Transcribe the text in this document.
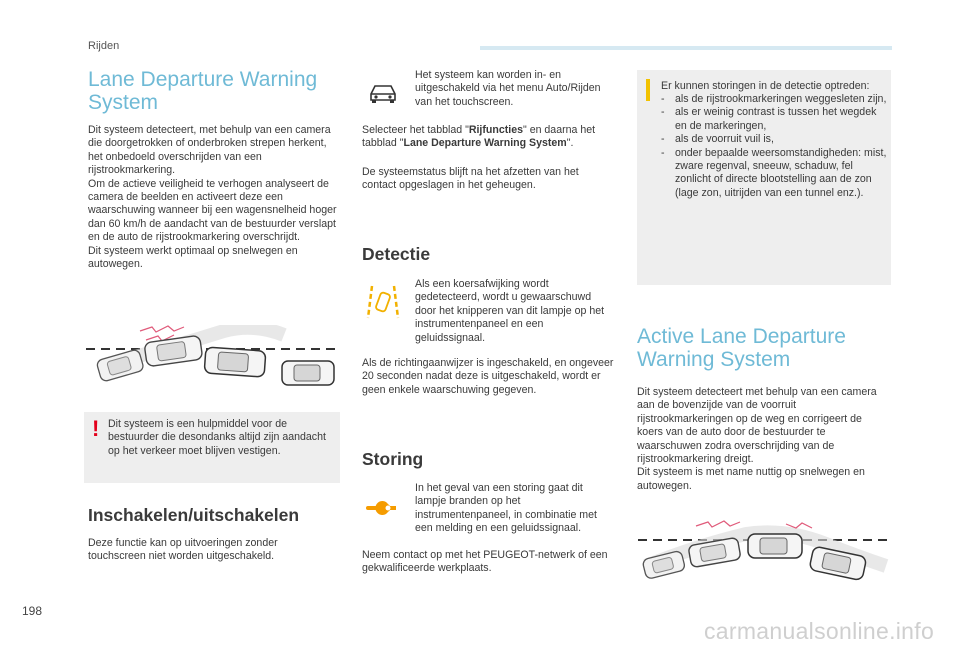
Rijden
Lane Departure Warning System
Dit systeem detecteert, met behulp van een camera die doorgetrokken of onderbroken strepen herkent, het onbedoeld overschrijden van een rijstrookmarkering.
Om de actieve veiligheid te verhogen analyseert de camera de beelden en activeert deze een waarschuwing wanneer bij een wagensnelheid hoger dan 60 km/h de aandacht van de bestuurder verslapt en de auto de rijstrookmarkering overschrijdt.
Dit systeem werkt optimaal op snelwegen en autowegen.
! Dit systeem is een hulpmiddel voor de bestuurder die desondanks altijd zijn aandacht op het verkeer moet blijven vestigen.
Inschakelen/uitschakelen
Deze functie kan op uitvoeringen zonder touchscreen niet worden uitgeschakeld.
Het systeem kan worden in- en uitgeschakeld via het menu Auto/Rijden van het touchscreen.
Selecteer het tabblad "Rijfuncties" en daarna het tabblad "Lane Departure Warning System".
De systeemstatus blijft na het afzetten van het contact opgeslagen in het geheugen.
Detectie
Als een koersafwijking wordt gedetecteerd, wordt u gewaarschuwd door het knipperen van dit lampje op het instrumentenpaneel en een geluidssignaal.
Als de richtingaanwijzer is ingeschakeld, en ongeveer 20 seconden nadat deze is uitgeschakeld, wordt er geen enkele waarschuwing gegeven.
Storing
In het geval van een storing gaat dit lampje branden op het instrumentenpaneel, in combinatie met een melding en een geluidssignaal.
Neem contact op met het PEUGEOT-netwerk of een gekwalificeerde werkplaats.
Er kunnen storingen in de detectie optreden:
- als de rijstrookmarkeringen weggesleten zijn,
- als er weinig contrast is tussen het wegdek en de markeringen,
- als de voorruit vuil is,
- onder bepaalde weersomstandigheden: mist, zware regenval, sneeuw, schaduw, fel zonlicht of directe blootstelling aan de zon (lage zon, uitrijden van een tunnel enz.).
Active Lane Departure Warning System
Dit systeem detecteert met behulp van een camera aan de bovenzijde van de voorruit rijstrookmarkeringen op de weg en corrigeert de koers van de auto door de bestuurder te waarschuwen zodra overschrijding van de rijstrookmarkering dreigt.
Dit systeem is met name nuttig op snelwegen en autowegen.
198
carmanualsonline.info
